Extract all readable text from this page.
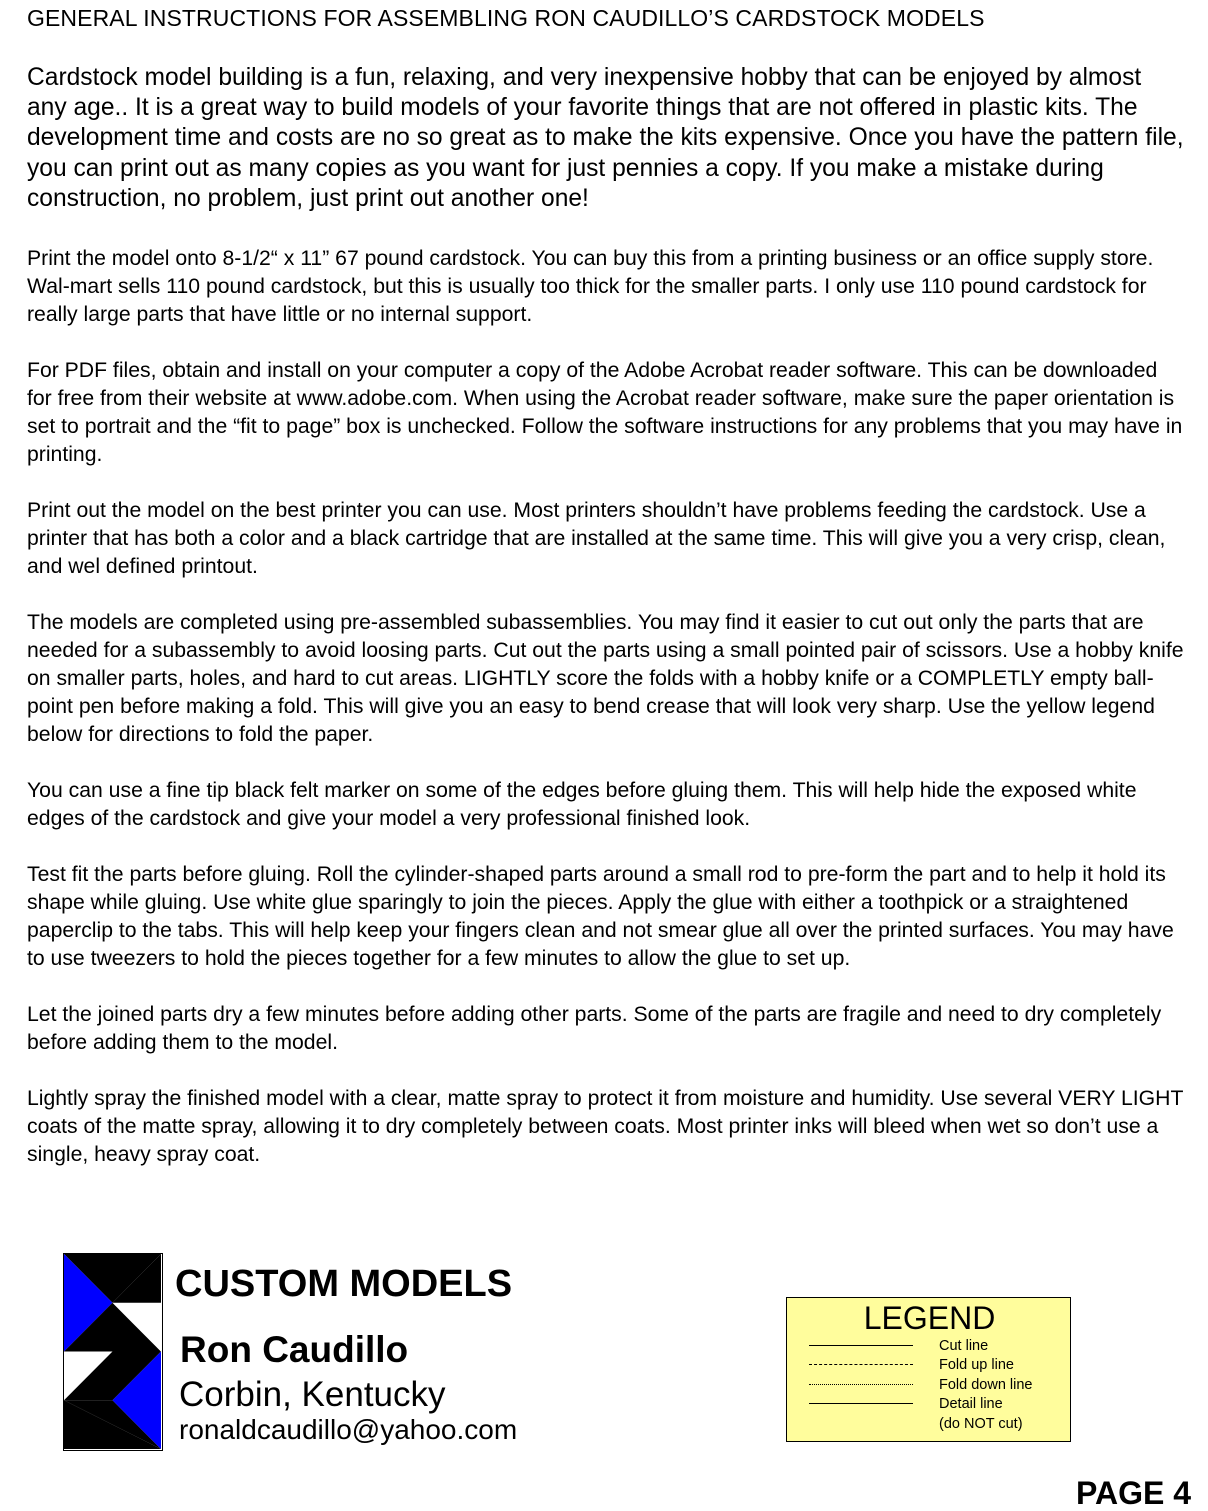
GENERAL INSTRUCTIONS FOR ASSEMBLING RON CAUDILLO’S CARDSTOCK MODELS

Cardstock model building is a fun, relaxing, and very inexpensive hobby that can be enjoyed by almost any age.. It is a great way to build models of your favorite things that are not offered in plastic kits. The development time and costs are no so great as to make the kits expensive. Once you have the pattern file, you can print out as many copies as you want for just pennies a copy. If you make a mistake during construction, no problem, just print out another one!

Print the model onto 8-1/2“ x 11” 67 pound cardstock. You can buy this from a printing business or an office supply store. Wal-mart sells 110 pound cardstock, but this is usually too thick for the smaller parts. I only use 110 pound cardstock for really large parts that have little or no internal support.

For PDF files, obtain and install on your computer a copy of the Adobe Acrobat reader software. This can be downloaded for free from their website at www.adobe.com. When using the Acrobat reader software, make sure the paper orientation is set to portrait and the “fit to page” box is unchecked. Follow the software instructions for any problems that you may have in printing.

Print out the model on the best printer you can use. Most printers shouldn’t have problems feeding the cardstock. Use a printer that has both a color and a black cartridge that are installed at the same time. This will give you a very crisp, clean, and wel defined printout.

The models are completed using pre-assembled subassemblies. You may find it easier to cut out only the parts that are needed for a subassembly to avoid loosing parts. Cut out the parts using a small pointed pair of scissors. Use a hobby knife on smaller parts, holes, and hard to cut areas. LIGHTLY score the folds with a hobby knife or a COMPLETLY empty ball-point pen before making a fold. This will give you an easy to bend crease that will look very sharp. Use the yellow legend below for directions to fold the paper.

You can use a fine tip black felt marker on some of the edges before gluing them. This will help hide the exposed white edges of the cardstock and give your model a very professional finished look.

Test fit the parts before gluing. Roll the cylinder-shaped parts around a small rod to pre-form the part and to help it hold its shape while gluing. Use white glue sparingly to join the pieces. Apply the glue with either a toothpick or a straightened paperclip to the tabs. This will help keep your fingers clean and not smear glue all over the printed surfaces. You may have to use tweezers to hold the pieces together for a few minutes to allow the glue to set up.

Let the joined parts dry a few minutes before adding other parts. Some of the parts are fragile and need to dry completely before adding them to the model.

Lightly spray the finished model with a clear, matte spray to protect it from moisture and humidity. Use several VERY LIGHT coats of the matte spray, allowing it to dry completely between coats. Most printer inks will bleed when wet so don’t use a single, heavy spray coat.

CUSTOM MODELS
Ron Caudillo
Corbin, Kentucky
ronaldcaudillo@yahoo.com
LEGEND
Cut line
Fold up line
Fold down line
Detail line
(do NOT cut)
PAGE 4
